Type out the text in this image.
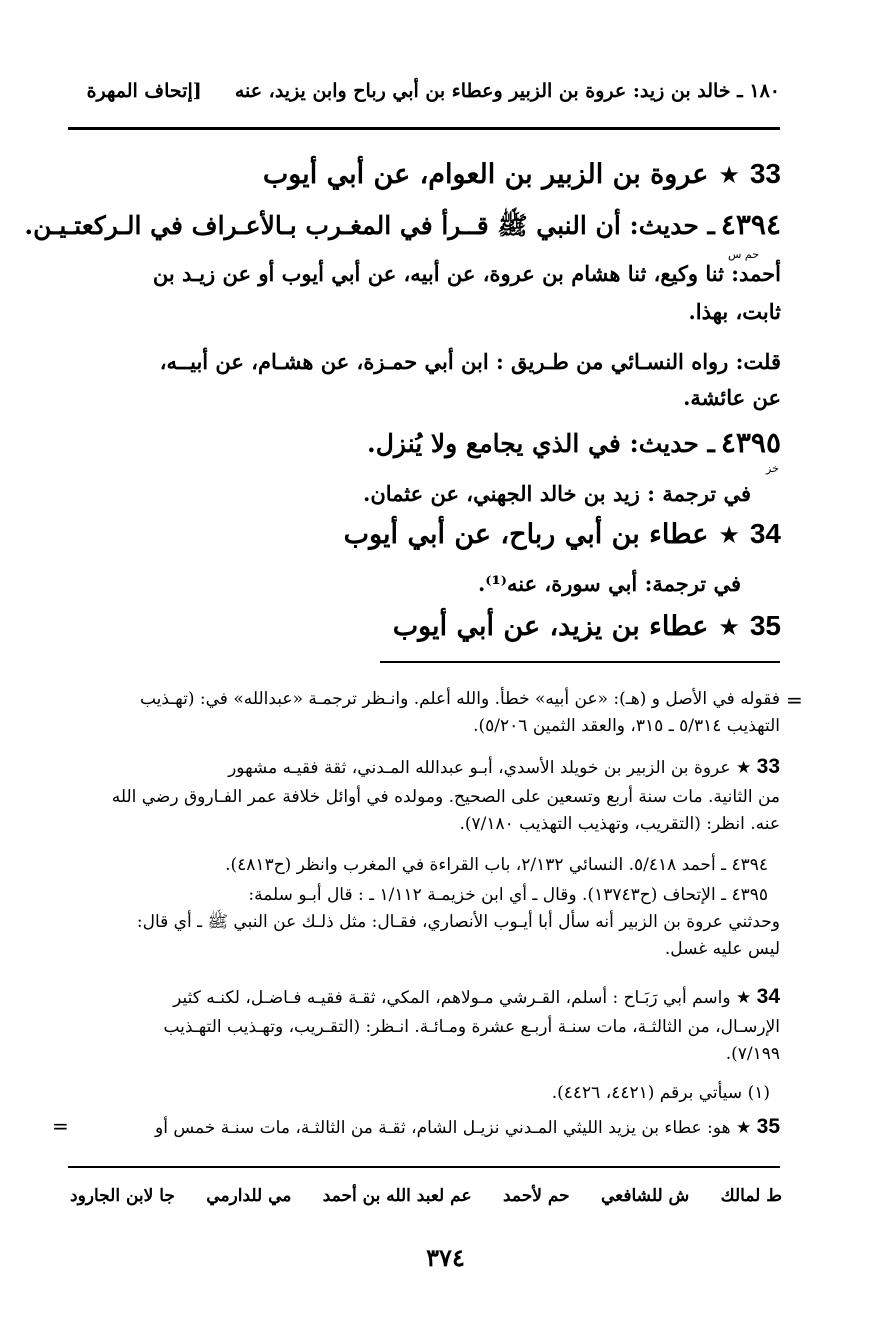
١٨٠ ـ خالد بن زيد: عروة بن الزبير وعطاء بن أبي رباح وابن يزيد، عنه     [إتحاف المهرة
33★عروة بن الزبير بن العوام، عن أبي أيوب
٤٣٩٤ـ حديث: أن النبي ﷺ قــرأ في المغـرب بـالأعـراف في الـركعتـيـن.
حم س
أحمد: ثنا وكيع، ثنا هشام بن عروة، عن أبيه، عن أبي أيوب أو عن زيـد بن
ثابت، بهذا.
قلت: رواه النسـائي من طـريق : ابن أبي حمـزة، عن هشـام، عن أبيــه،
عن عائشة.
٤٣٩٥ـ حديث: في الذي يجامع ولا يُنزل.
خز
في ترجمة : زيد بن خالد الجهني، عن عثمان.
34★عطاء بن أبي رباح، عن أبي أيوب
في ترجمة: أبي سورة، عنه⁽¹⁾.
35★عطاء بن يزيد، عن أبي أيوب
=
فقوله في الأصل و (هـ): «عن أبيه» خطأ. والله أعلم. وانـظر ترجمـة «عبدالله» في: (تهـذيب
التهذيب ٥/٣١٤ ـ ٣١٥، والعقد الثمين ٥/٢٠٦).
33 ★ عروة بن الزبير بن خويلد الأسدي، أبـو عبدالله المـدني، ثقة فقيـه مشهور
من الثانية. مات سنة أربع وتسعين على الصحيح. ومولده في أوائل خلافة عمر الفـاروق رضي الله
عنه. انظر: (التقريب، وتهذيب التهذيب ٧/١٨٠).
٤٣٩٤ ـ أحمد ٥/٤١٨. النسائي ٢/١٣٢، باب القراءة في المغرب وانظر (ح٤٨١٣).
٤٣٩٥ ـ الإتحاف (ح١٣٧٤٣). وقال ـ أي ابن خزيمـة ١/١١٢ ـ : قال أبـو سلمة:
وحدثني عروة بن الزبير أنه سأل أبا أيـوب الأنصاري، فقـال: مثل ذلـك عن النبي ﷺ ـ أي قال:
ليس عليه غسل.
34 ★ واسم أبي رَبَـاح : أسلم، القـرشي مـولاهم، المكي، ثقـة فقيـه فـاضـل، لكنـه كثير
الإرسـال، من الثالثـة، مات سنـة أربـع عشرة ومـائـة. انـظر: (التقـريب، وتهـذيب التهـذيب
٧/١٩٩).
(١) سيأتي برقم (٤٤٢١، ٤٤٢٦).
=	35 ★ هو: عطاء بن يزيد الليثي المـدني نزيـل الشام، ثقـة من الثالثـة، مات سنـة خمس أو
ط لمالك
ش للشافعي
حم لأحمد
عم لعبد الله بن أحمد
مي للدارمي
جا لابن الجارود
٣٧٤
